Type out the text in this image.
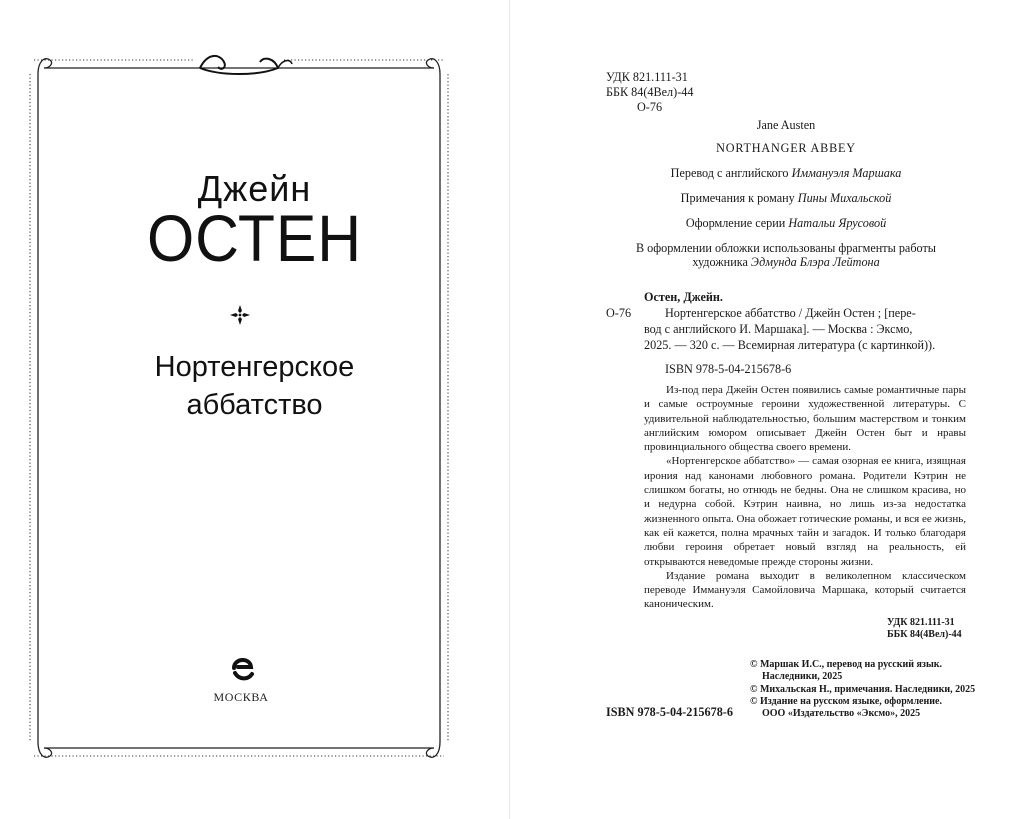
Джейн
ОСТЕН
Нортенгерское
аббатство
МОСКВА
УДК 821.111-31
ББК 84(4Вел)-44
О-76
Jane Austen
NORTHANGER ABBEY
Перевод с английского Иммануэля Маршака
Примечания к роману Пины Михальской
Оформление серии Натальи Ярусовой
В оформлении обложки использованы фрагменты работы
художника Эдмунда Блэра Лейтона
Остен, Джейн.
О-76	Нортенгерское аббатство / Джейн Остен ; [пере-
вод с английского И. Маршака]. — Москва : Эксмо,
2025. — 320 с. — Всемирная литература (с картинкой)).
ISBN 978-5-04-215678-6

Из-под пера Джейн Остен появились самые романтичные пары и самые остроумные героини художественной литературы. С удивительной наблюдательностью, большим мастерством и тонким английским юмором описывает Джейн Остен быт и нравы провинциального общества своего времени.

«Нортенгерское аббатство» — самая озорная ее книга, изящная ирония над канонами любовного романа. Родители Кэтрин не слишком богаты, но отнюдь не бедны. Она не слишком красива, но и недурна собой. Кэтрин наивна, но лишь из-за недостатка жизненного опыта. Она обожает готические романы, и вся ее жизнь, как ей кажется, полна мрачных тайн и загадок. И только благодаря любви героиня обретает новый взгляд на реальность, ей открываются неведомые прежде стороны жизни.

Издание романа выходит в великолепном классическом переводе Иммануэля Самойловича Маршака, который считается каноническим.

УДК 821.111-31
ББК 84(4Вел)-44
© Маршак И.С., перевод на русский язык.
Наследники, 2025
© Михальская Н., примечания. Наследники, 2025
© Издание на русском языке, оформление.
ООО «Издательство «Эксмо», 2025
ISBN 978-5-04-215678-6
